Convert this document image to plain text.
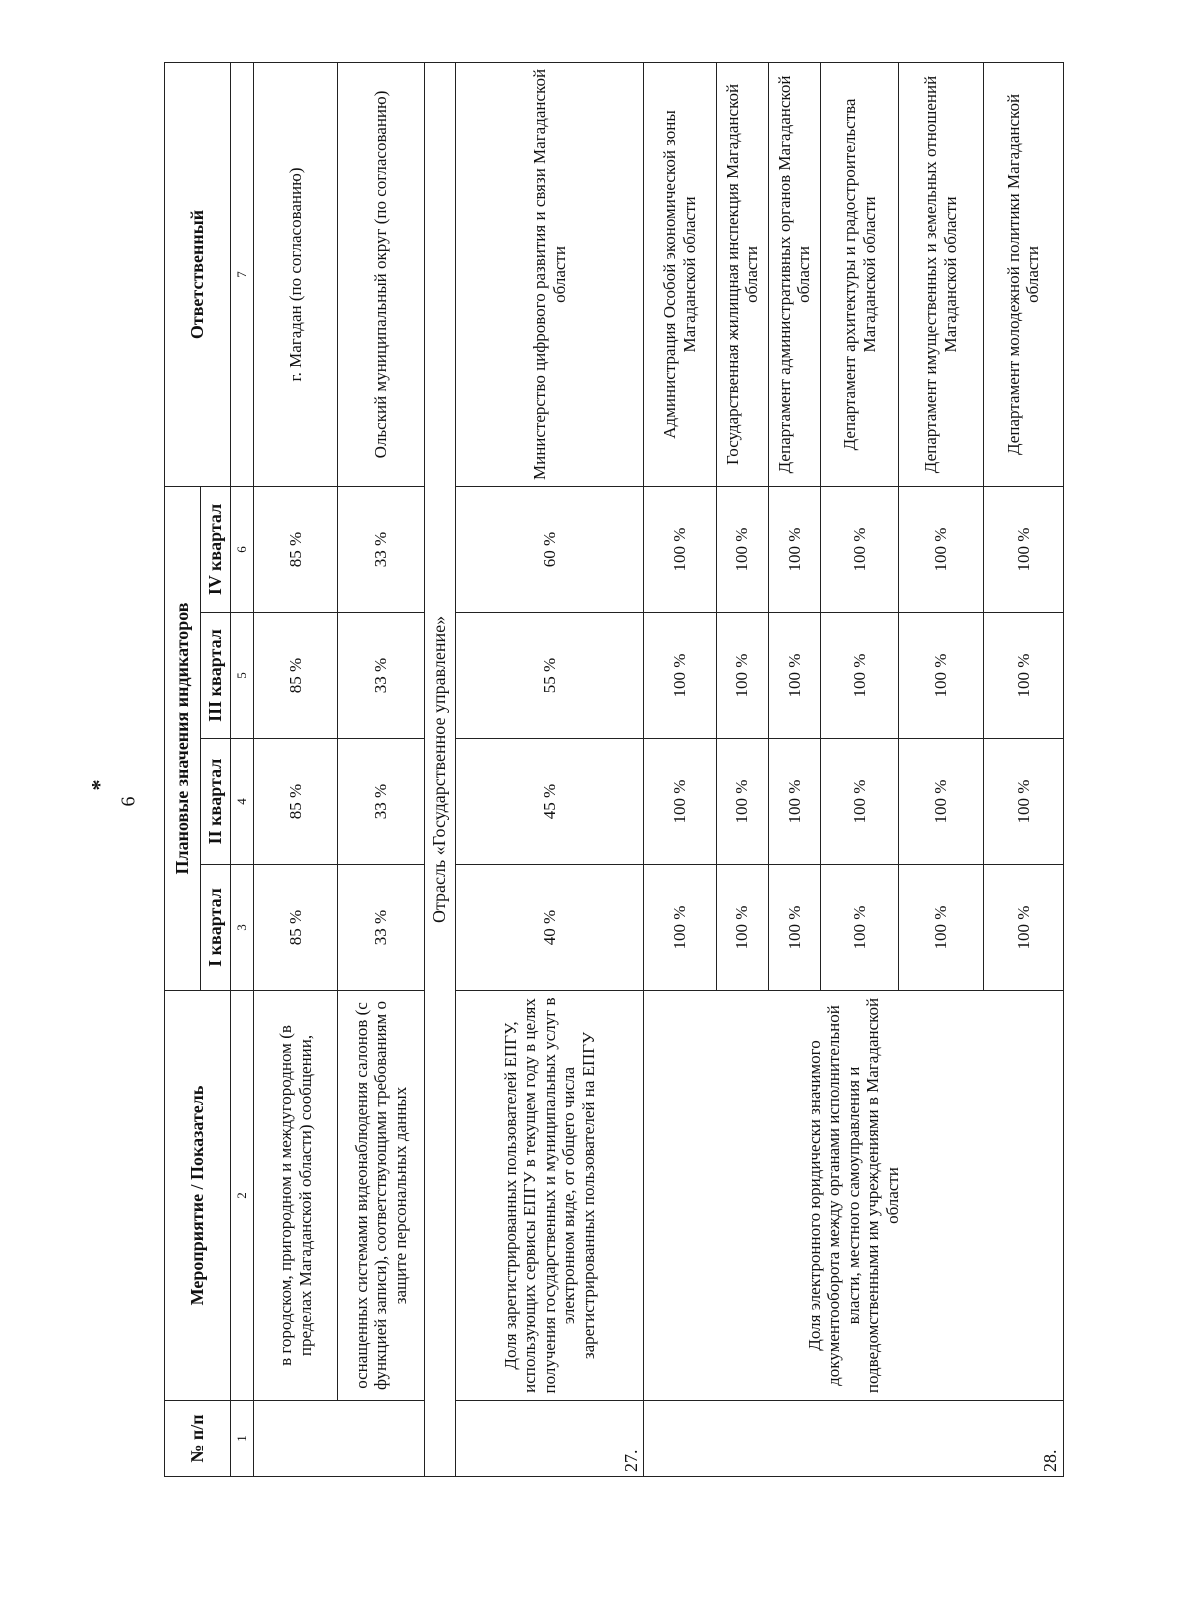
*
6
№ п/п	Мероприятие / Показатель	Плановые значения индикаторов				Ответственный
		I квартал	II квартал	III квартал	IV квартал	
1	2	3	4	5	6	7
	в городском, пригородном и междугородном (в пределах Магаданской области) сообщении,	85 %	85 %	85 %	85 %	г. Магадан (по согласованию)
	оснащенных системами видеонаблюдения салонов (с функцией записи), соответствующими требованиям о защите персональных данных	33 %	33 %	33 %	33 %	Ольский муниципальный округ (по согласованию)
Отрасль «Государственное управление»						
27.	Доля зарегистрированных пользователей ЕПГУ, использующих сервисы ЕПГУ в текущем году в целях получения государственных и муниципальных услуг в электронном виде, от общего числа зарегистрированных пользователей на ЕПГУ	40 %	45 %	55 %	60 %	Министерство цифрового развития и связи Магаданской области
28.	Доля электронного юридически значимого документооборота между органами исполнительной власти, местного самоуправления и подведомственными им учреждениями в Магаданской области	100 %	100 %	100 %	100 %	Администрация Особой экономической зоны Магаданской области
		100 %	100 %	100 %	100 %	Государственная жилищная инспекция Магаданской области
		100 %	100 %	100 %	100 %	Департамент административных органов Магаданской области
		100 %	100 %	100 %	100 %	Департамент архитектуры и градостроительства Магаданской области
		100 %	100 %	100 %	100 %	Департамент имущественных и земельных отношений Магаданской области
		100 %	100 %	100 %	100 %	Департамент молодежной политики Магаданской области
